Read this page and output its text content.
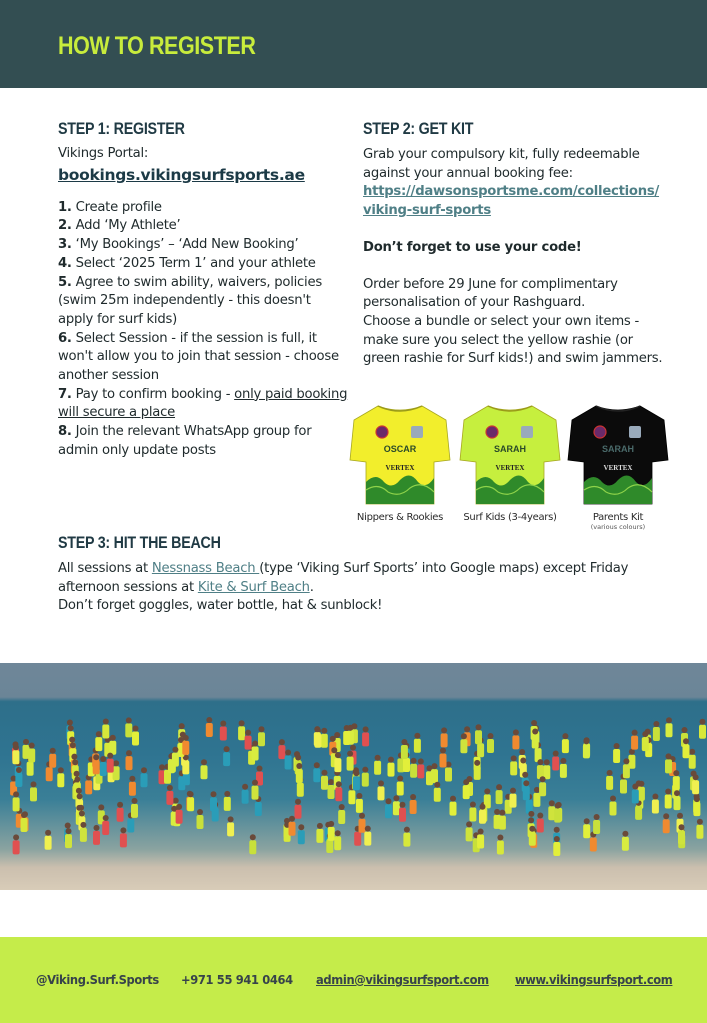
HOW TO REGISTER
STEP 1: REGISTER
Vikings Portal:
bookings.vikingsurfsports.ae
1. Create profile
2. Add ‘My Athlete’
3. ‘My Bookings’ – ‘Add New Booking’
4. Select ‘2025 Term 1’ and your athlete
5. Agree to swim ability, waivers, policies (swim 25m independently - this doesn't apply for surf kids)
6. Select Session - if the session is full, it won't allow you to join that session - choose another session
7. Pay to confirm booking - only paid booking will secure a place
8. Join the relevant WhatsApp group for admin only update posts
STEP 2: GET KIT
Grab your compulsory kit, fully redeemable against your annual booking fee:
https://dawsonsportsme.com/collections/
viking-surf-sports
Don’t forget to use your code!
Order before 29 June for complimentary personalisation of your Rashguard.
Choose a bundle or select your own items - make sure you select the yellow rashie (or green rashie for Surf kids!) and swim jammers.
OSCAR
VERTEX
Nippers & Rookies
SARAH
VERTEX
Surf Kids (3-4years)
SARAH
VERTEX
Parents Kit
(various colours)
STEP 3: HIT THE BEACH
All sessions at Nessnass Beach (type ‘Viking Surf Sports’ into Google maps) except Friday afternoon sessions at Kite & Surf Beach.
Don’t forget goggles, water bottle, hat & sunblock!
@Viking.Surf.Sports +971 55 941 0464 admin@vikingsurfsport.com www.vikingsurfsport.com
